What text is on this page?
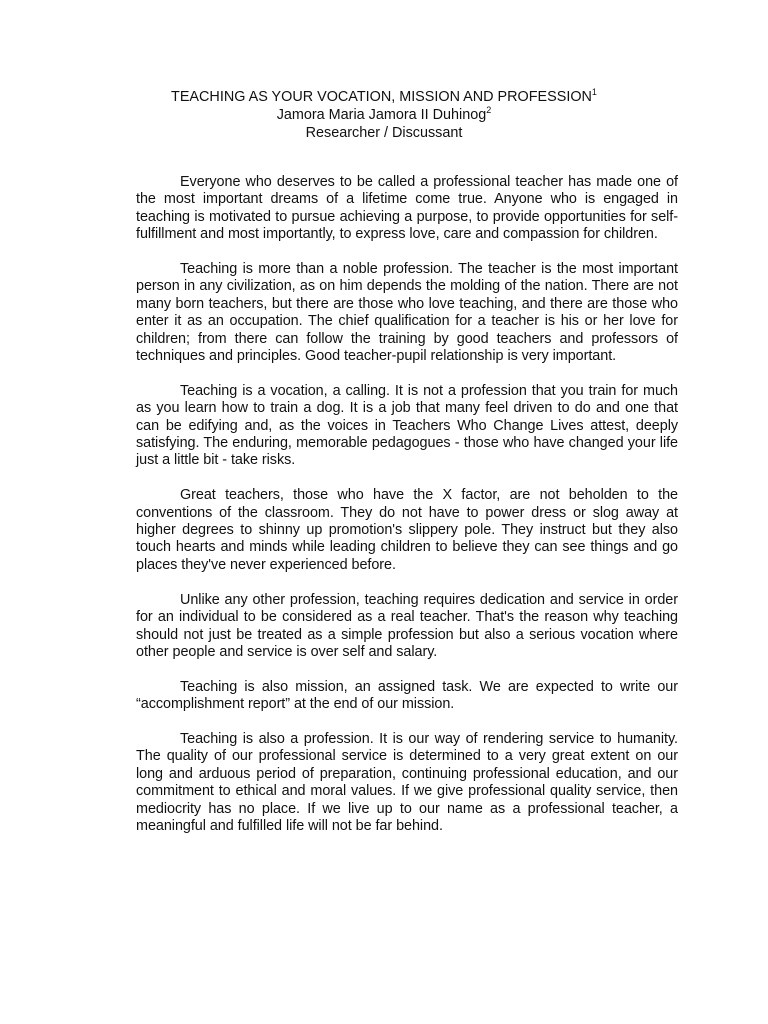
TEACHING AS YOUR VOCATION, MISSION AND PROFESSION$^1$
Jamora Maria Jamora II Duhinog$^2$
Researcher / Discussant

Everyone who deserves to be called a professional teacher has made one of the most important dreams of a lifetime come true. Anyone who is engaged in teaching is motivated to pursue achieving a purpose, to provide opportunities for self-fulfillment and most importantly, to express love, care and compassion for children.

Teaching is more than a noble profession. The teacher is the most important person in any civilization, as on him depends the molding of the nation. There are not many born teachers, but there are those who love teaching, and there are those who enter it as an occupation. The chief qualification for a teacher is his or her love for children; from there can follow the training by good teachers and professors of techniques and principles. Good teacher-pupil relationship is very important.

Teaching is a vocation, a calling. It is not a profession that you train for much as you learn how to train a dog. It is a job that many feel driven to do and one that can be edifying and, as the voices in Teachers Who Change Lives attest, deeply satisfying. The enduring, memorable pedagogues - those who have changed your life just a little bit - take risks.

Great teachers, those who have the X factor, are not beholden to the conventions of the classroom. They do not have to power dress or slog away at higher degrees to shinny up promotion's slippery pole. They instruct but they also touch hearts and minds while leading children to believe they can see things and go places they've never experienced before.

Unlike any other profession, teaching requires dedication and service in order for an individual to be considered as a real teacher. That's the reason why teaching should not just be treated as a simple profession but also a serious vocation where other people and service is over self and salary.

Teaching is also mission, an assigned task. We are expected to write our “accomplishment report” at the end of our mission.

Teaching is also a profession. It is our way of rendering service to humanity. The quality of our professional service is determined to a very great extent on our long and arduous period of preparation, continuing professional education, and our commitment to ethical and moral values. If we give professional quality service, then mediocrity has no place. If we live up to our name as a professional teacher, a meaningful and fulfilled life will not be far behind.
